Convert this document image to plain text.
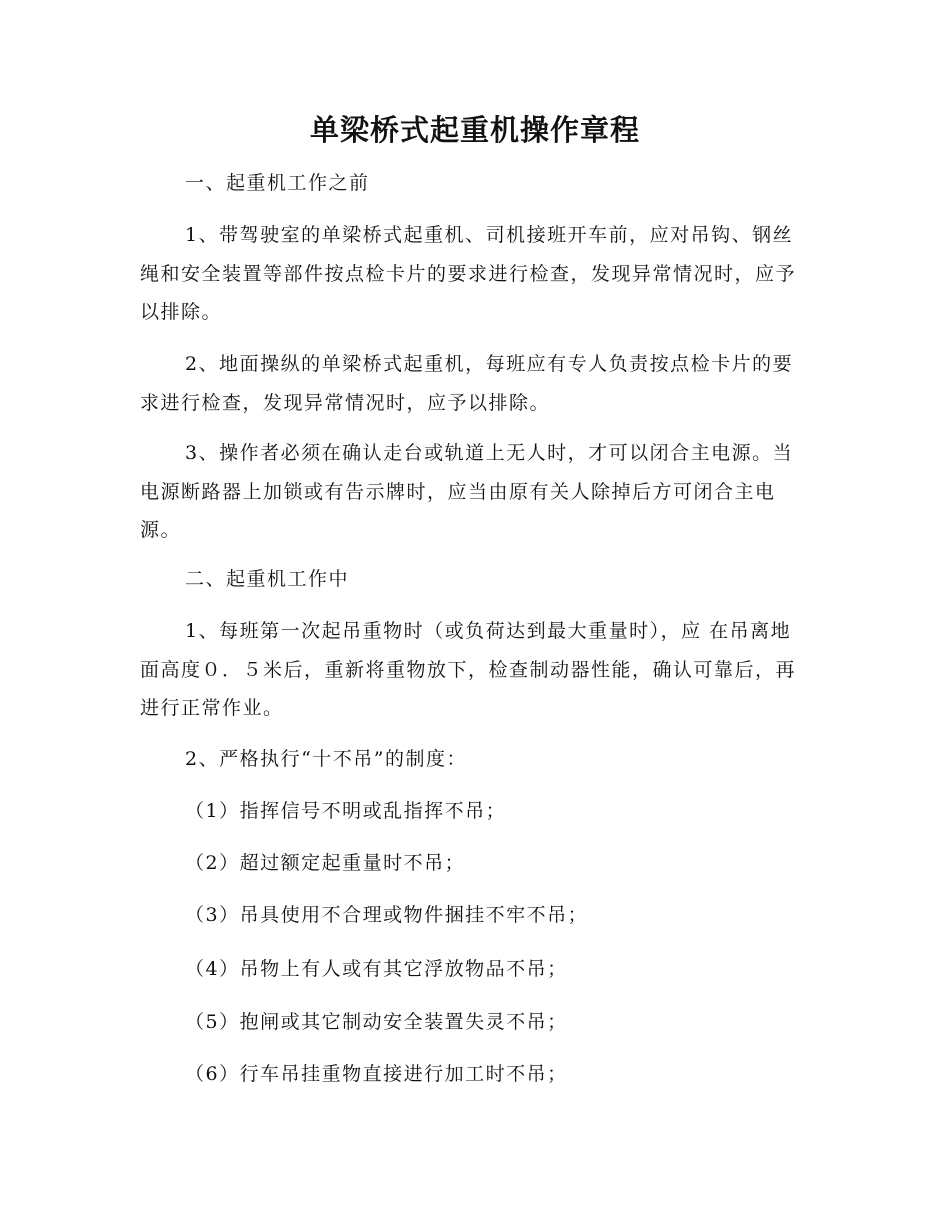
单梁桥式起重机操作章程

一、起重机工作之前

1、带驾驶室的单梁桥式起重机、司机接班开车前，应对吊钩、钢丝绳和安全装置等部件按点检卡片的要求进行检查，发现异常情况时，应予以排除。

2、地面操纵的单梁桥式起重机，每班应有专人负责按点检卡片的要求进行检查，发现异常情况时，应予以排除。

3、操作者必须在确认走台或轨道上无人时，才可以闭合主电源。当电源断路器上加锁或有告示牌时，应当由原有关人除掉后方可闭合主电源。

二、起重机工作中

1、每班第一次起吊重物时（或负荷达到最大重量时），应 在吊离地面高度０．５米后，重新将重物放下，检查制动器性能，确认可靠后，再进行正常作业。

2、严格执行“十不吊”的制度：

（1）指挥信号不明或乱指挥不吊；

（2）超过额定起重量时不吊；

（3）吊具使用不合理或物件捆挂不牢不吊；

（4）吊物上有人或有其它浮放物品不吊；

（5）抱闸或其它制动安全装置失灵不吊；

（6）行车吊挂重物直接进行加工时不吊；
